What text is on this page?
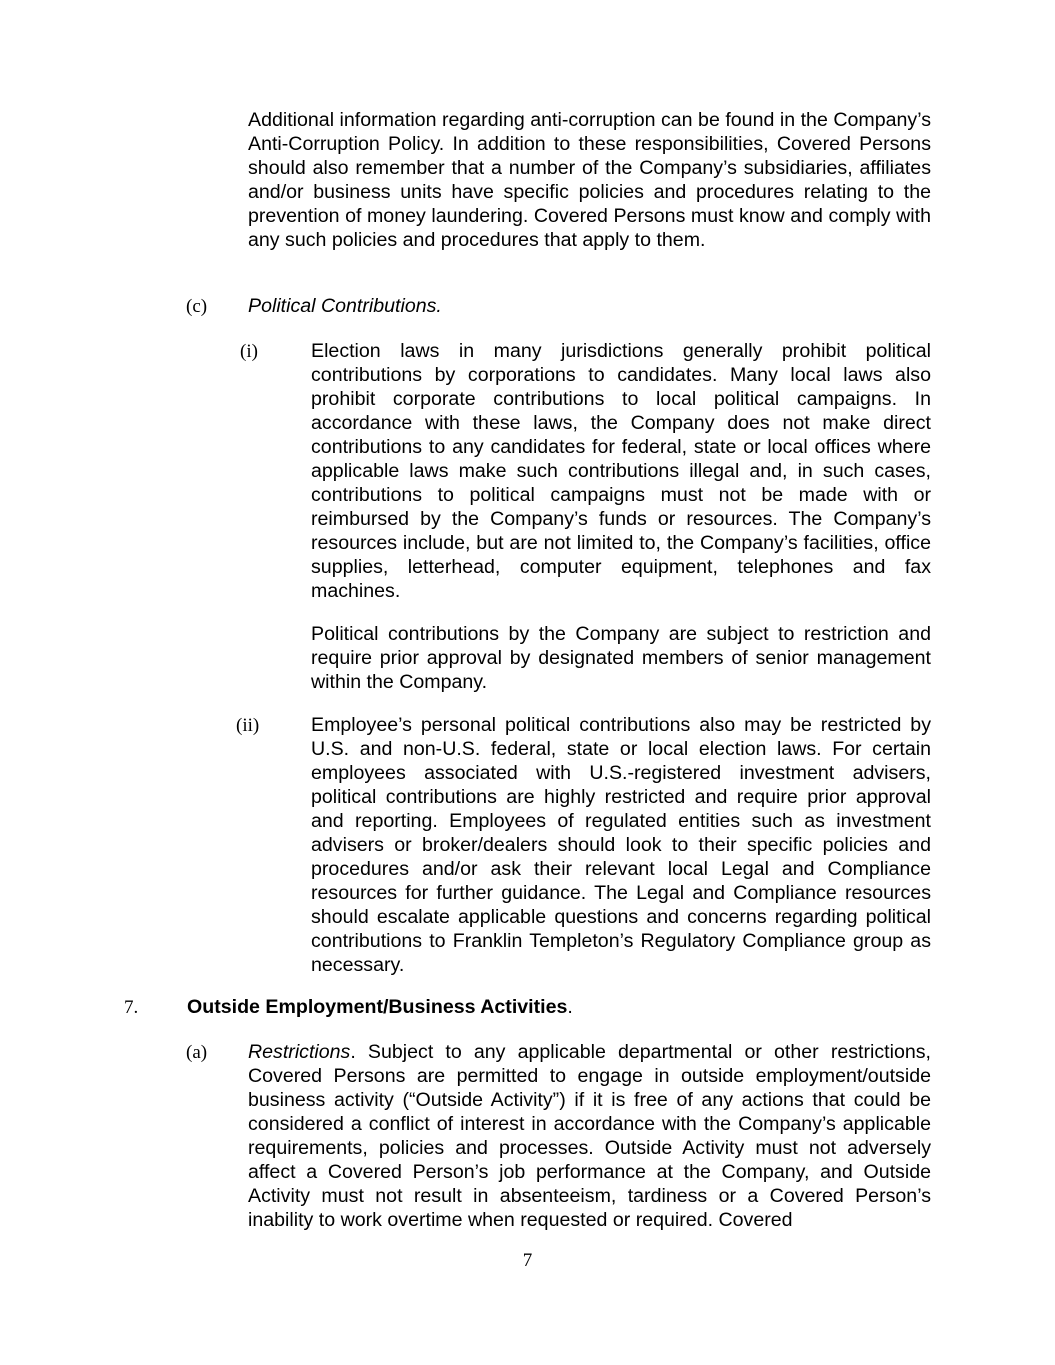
Additional information regarding anti-corruption can be found in the Company’s Anti-Corruption Policy. In addition to these responsibilities, Covered Persons should also remember that a number of the Company’s subsidiaries, affiliates and/or business units have specific policies and procedures relating to the prevention of money laundering. Covered Persons must know and comply with any such policies and procedures that apply to them.

(c) Political Contributions.

(i)	Election laws in many jurisdictions generally prohibit political contributions by corporations to candidates. Many local laws also prohibit corporate contributions to local political campaigns. In accordance with these laws, the Company does not make direct contributions to any candidates for federal, state or local offices where applicable laws make such contributions illegal and, in such cases, contributions to political campaigns must not be made with or reimbursed by the Company’s funds or resources. The Company’s resources include, but are not limited to, the Company’s facilities, office supplies, letterhead, computer equipment, telephones and fax machines.

Political contributions by the Company are subject to restriction and require prior approval by designated members of senior management within the Company.

(ii)	Employee’s personal political contributions also may be restricted by U.S. and non-U.S. federal, state or local election laws. For certain employees associated with U.S.-registered investment advisers, political contributions are highly restricted and require prior approval and reporting. Employees of regulated entities such as investment advisers or broker/dealers should look to their specific policies and procedures and/or ask their relevant local Legal and Compliance resources for further guidance. The Legal and Compliance resources should escalate applicable questions and concerns regarding political contributions to Franklin Templeton’s Regulatory Compliance group as necessary.

7. Outside Employment/Business Activities.

(a) Restrictions. Subject to any applicable departmental or other restrictions, Covered Persons are permitted to engage in outside employment/outside business activity (“Outside Activity”) if it is free of any actions that could be considered a conflict of interest in accordance with the Company’s applicable requirements, policies and processes. Outside Activity must not adversely affect a Covered Person’s job performance at the Company, and Outside Activity must not result in absenteeism, tardiness or a Covered Person’s inability to work overtime when requested or required. Covered

7
